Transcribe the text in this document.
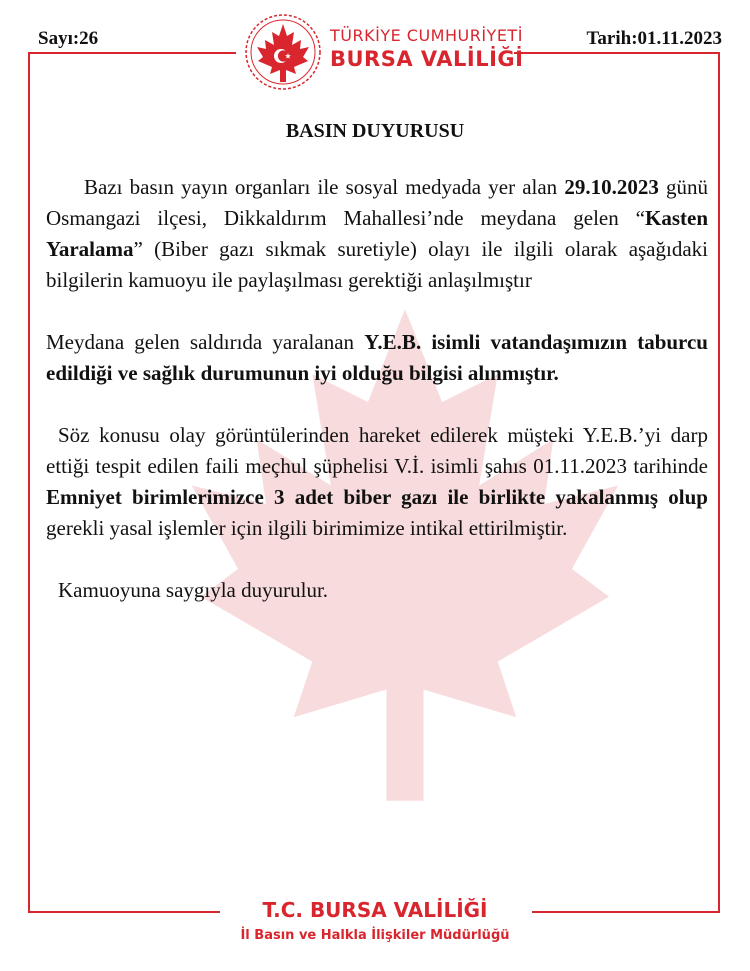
Sayı:26	Tarih:01.11.2023
TÜRKİYE CUMHURİYETİ
BURSA VALİLİĞİ
BASIN DUYURUSU

Bazı basın yayın organları ile sosyal medyada yer alan 29.10.2023 günü Osmangazi ilçesi, Dikkaldırım Mahallesi’nde meydana gelen “Kasten Yaralama” (Biber gazı sıkmak suretiyle) olayı ile ilgili olarak aşağıdaki bilgilerin kamuoyu ile paylaşılması gerektiği anlaşılmıştır

Meydana gelen saldırıda yaralanan Y.E.B. isimli vatandaşımızın taburcu edildiği ve sağlık durumunun iyi olduğu bilgisi alınmıştır.

Söz konusu olay görüntülerinden hareket edilerek müşteki Y.E.B.’yi darp ettiği tespit edilen faili meçhul şüphelisi V.İ. isimli şahıs 01.11.2023 tarihinde Emniyet birimlerimizce 3 adet biber gazı ile birlikte yakalanmış olup gerekli yasal işlemler için ilgili birimimize intikal ettirilmiştir.

Kamuoyuna saygıyla duyurulur.

T.C. BURSA VALİLİĞİ
İl Basın ve Halkla İlişkiler Müdürlüğü
